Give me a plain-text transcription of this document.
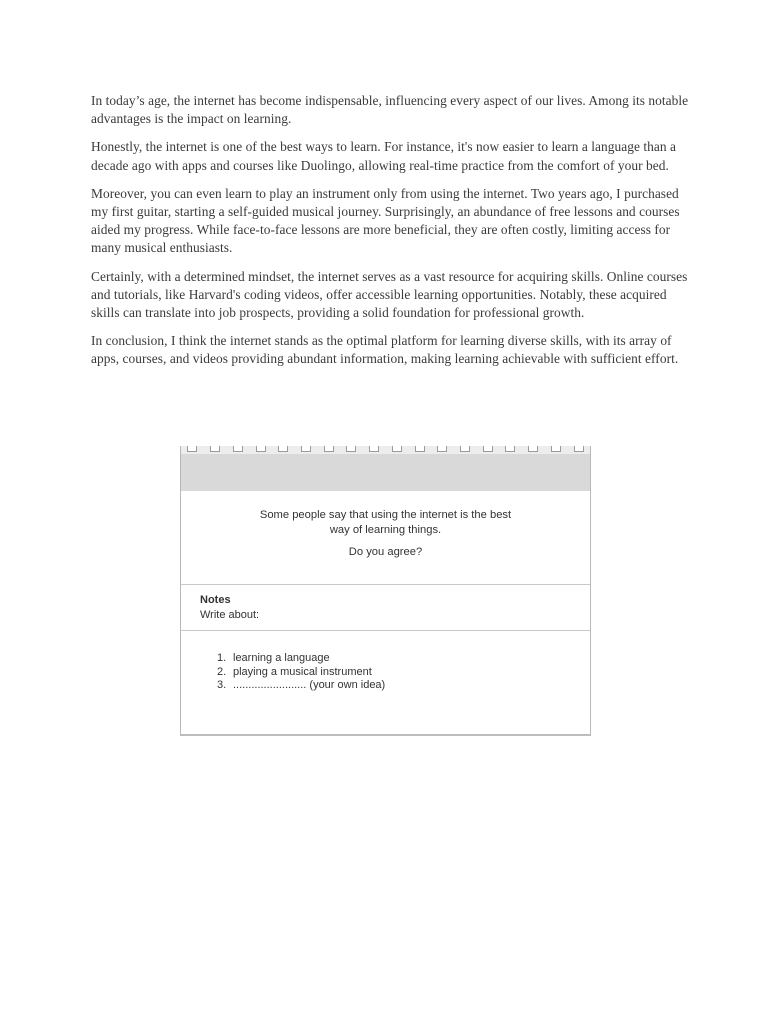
In today’s age, the internet has become indispensable, influencing every aspect of our lives. Among its notable advantages is the impact on learning.

Honestly, the internet is one of the best ways to learn. For instance, it's now easier to learn a language than a decade ago with apps and courses like Duolingo, allowing real-time practice from the comfort of your bed.

Moreover, you can even learn to play an instrument only from using the internet. Two years ago, I purchased my first guitar, starting a self-guided musical journey. Surprisingly, an abundance of free lessons and courses aided my progress. While face-to-face lessons are more beneficial, they are often costly, limiting access for many musical enthusiasts.

Certainly, with a determined mindset, the internet serves as a vast resource for acquiring skills. Online courses and tutorials, like Harvard's coding videos, offer accessible learning opportunities. Notably, these acquired skills can translate into job prospects, providing a solid foundation for professional growth.

In conclusion, I think the internet stands as the optimal platform for learning diverse skills, with its array of apps, courses, and videos providing abundant information, making learning achievable with sufficient effort.

Some people say that using the internet is the best
way of learning things.
Do you agree?
Notes
Write about:
1. learning a language
2. playing a musical instrument
3. ........................ (your own idea)
